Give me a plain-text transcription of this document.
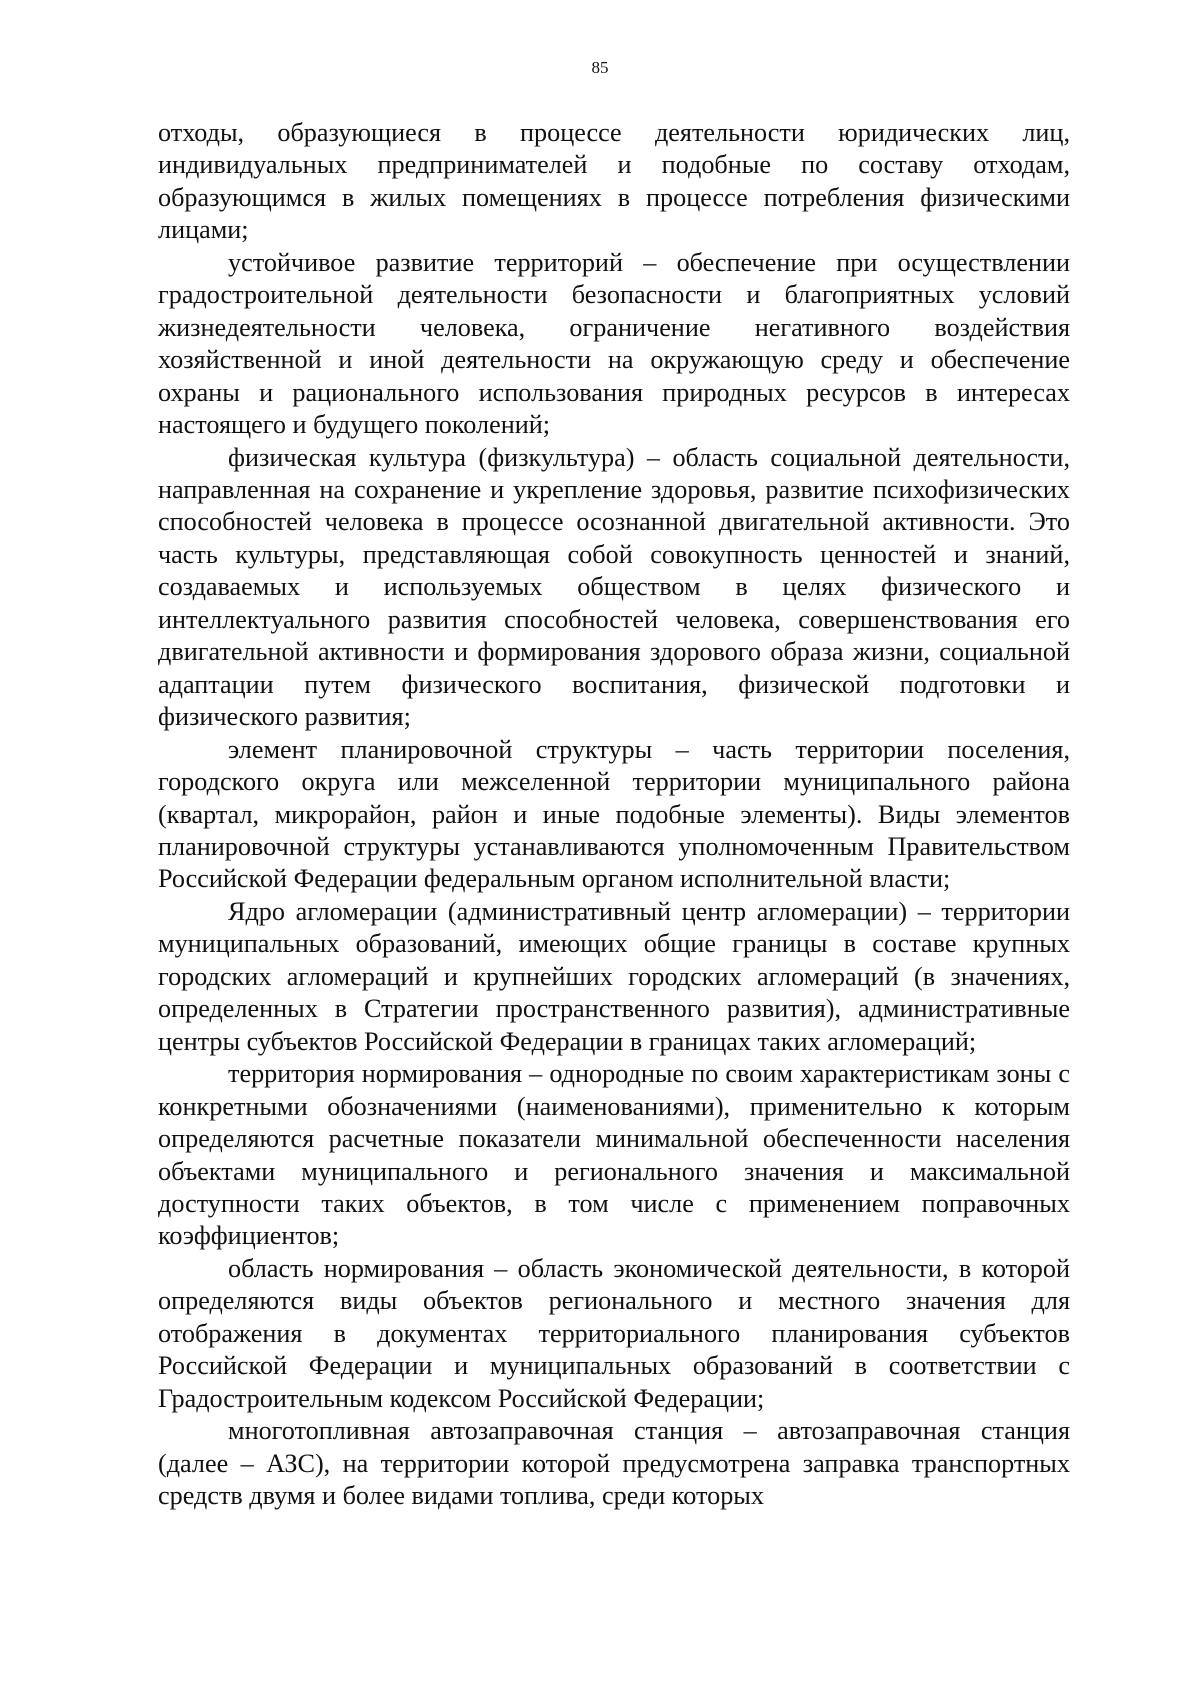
85

отходы, образующиеся в процессе деятельности юридических лиц, индивидуальных предпринимателей и подобные по составу отходам, образующимся в жилых помещениях в процессе потребления физическими лицами;

устойчивое развитие территорий – обеспечение при осуществлении градостроительной деятельности безопасности и благоприятных условий жизнедеятельности человека, ограничение негативного воздействия хозяйственной и иной деятельности на окружающую среду и обеспечение охраны и рационального использования природных ресурсов в интересах настоящего и будущего поколений;

физическая культура (физкультура) – область социальной деятельности, направленная на сохранение и укрепление здоровья, развитие психофизических способностей человека в процессе осознанной двигательной активности. Это часть культуры, представляющая собой совокупность ценностей и знаний, создаваемых и используемых обществом в целях физического и интеллектуального развития способностей человека, совершенствования его двигательной активности и формирования здорового образа жизни, социальной адаптации путем физического воспитания, физической подготовки и физического развития;

элемент планировочной структуры – часть территории поселения, городского округа или межселенной территории муниципального района (квартал, микрорайон, район и иные подобные элементы). Виды элементов планировочной структуры устанавливаются уполномоченным Правительством Российской Федерации федеральным органом исполнительной власти;

Ядро агломерации (административный центр агломерации) – территории муниципальных образований, имеющих общие границы в составе крупных городских агломераций и крупнейших городских агломераций (в значениях, определенных в Стратегии пространственного развития), административные центры субъектов Российской Федерации в границах таких агломераций;

территория нормирования – однородные по своим характеристикам зоны с конкретными обозначениями (наименованиями), применительно к которым определяются расчетные показатели минимальной обеспеченности населения объектами муниципального и регионального значения и максимальной доступности таких объектов, в том числе с применением поправочных коэффициентов;

область нормирования – область экономической деятельности, в которой определяются виды объектов регионального и местного значения для отображения в документах территориального планирования субъектов Российской Федерации и муниципальных образований в соответствии с Градостроительным кодексом Российской Федерации;

многотопливная автозаправочная станция – автозаправочная станция (далее – АЗС), на территории которой предусмотрена заправка транспортных средств двумя и более видами топлива, среди которых
